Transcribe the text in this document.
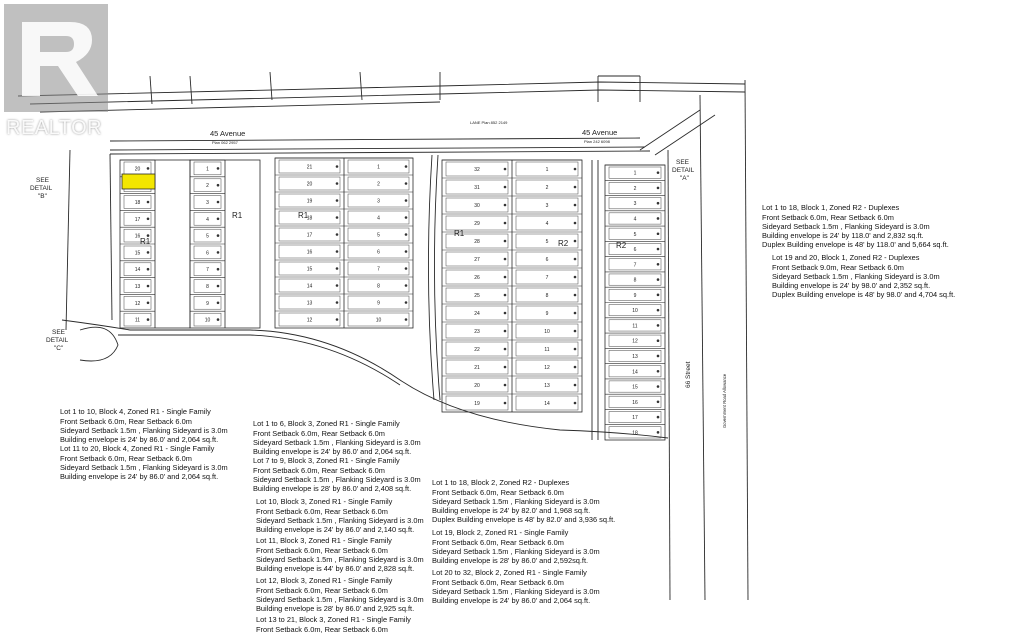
20
18
17
16
15
14
13
12
11
1
2
3
4
5
6
7
8
9
10
21
20
19
18
17
16
15
14
13
12
1
2
3
4
5
6
7
8
9
10
32
31
30
29
28
27
26
25
24
23
22
21
20
19
1
2
3
4
5
6
7
8
9
10
11
12
13
14
1
2
3
4
5
6
7
8
9
10
11
12
13
14
15
16
17
18
45 Avenue
Plan 062 2957
45 Avenue
Plan 242 6098
LANE Plan 852 2149
66 Street	Government Road Allowance
SEE DETAIL "A"
SEE DETAIL "B"
SEE DETAIL "C"
R1
R1	R1
R1
R2	R2
REALTOR

Lot 1 to 18, Block 1, Zoned R2 - Duplexes
Front Setback 6.0m, Rear Setback 6.0m
Sideyard Setback 1.5m , Flanking Sideyard is 3.0m
Building envelope is 24' by 118.0' and 2,832 sq.ft.
Duplex Building envelope is 48' by 118.0' and 5,664 sq.ft.

Lot 19 and 20, Block 1, Zoned R2 - Duplexes
Front Setback 9.0m, Rear Setback 6.0m
Sideyard Setback 1.5m , Flanking Sideyard is 3.0m
Building envelope is 24' by 98.0' and 2,352 sq.ft.
Duplex Building envelope is 48' by 98.0' and 4,704 sq.ft.

Lot 1 to 10, Block 4, Zoned R1 - Single Family
Front Setback 6.0m, Rear Setback 6.0m
Sideyard Setback 1.5m , Flanking Sideyard is 3.0m
Building envelope is 24' by 86.0' and 2,064 sq.ft.

Lot 11 to 20, Block 4, Zoned R1 - Single Family
Front Setback 6.0m, Rear Setback 6.0m
Sideyard Setback 1.5m , Flanking Sideyard is 3.0m
Building envelope is 24' by 86.0' and 2,064 sq.ft.

Lot 1 to 6, Block 3, Zoned R1 - Single Family
Front Setback 6.0m, Rear Setback 6.0m
Sideyard Setback 1.5m , Flanking Sideyard is 3.0m
Building envelope is 24' by 86.0' and 2,064 sq.ft.

Lot 7 to 9, Block 3, Zoned R1 - Single Family
Front Setback 6.0m, Rear Setback 6.0m
Sideyard Setback 1.5m , Flanking Sideyard is 3.0m
Building envelope is 28' by 86.0' and 2,408 sq.ft.

Lot 10, Block 3, Zoned R1 - Single Family
Front Setback 6.0m, Rear Setback 6.0m
Sideyard Setback 1.5m , Flanking Sideyard is 3.0m
Building envelope is 24' by 86.0' and 2,140 sq.ft.

Lot 11, Block 3, Zoned R1 - Single Family
Front Setback 6.0m, Rear Setback 6.0m
Sideyard Setback 1.5m , Flanking Sideyard is 3.0m
Building envelope is 44' by 86.0' and 2,828 sq.ft.

Lot 12, Block 3, Zoned R1 - Single Family
Front Setback 6.0m, Rear Setback 6.0m
Sideyard Setback 1.5m , Flanking Sideyard is 3.0m
Building envelope is 28' by 86.0' and 2,925 sq.ft.

Lot 13 to 21, Block 3, Zoned R1 - Single Family
Front Setback 6.0m, Rear Setback 6.0m

Lot 1 to 18, Block 2, Zoned R2 - Duplexes
Front Setback 6.0m, Rear Setback 6.0m
Sideyard Setback 1.5m , Flanking Sideyard is 3.0m
Building envelope is 24' by 82.0' and 1,968 sq.ft.
Duplex Building envelope is 48' by 82.0' and 3,936 sq.ft.

Lot 19, Block 2, Zoned R1 - Single Family
Front Setback 6.0m, Rear Setback 6.0m
Sideyard Setback 1.5m , Flanking Sideyard is 3.0m
Building envelope is 28' by 86.0' and 2,592sq.ft.

Lot 20 to 32, Block 2, Zoned R1 - Single Family
Front Setback 6.0m, Rear Setback 6.0m
Sideyard Setback 1.5m , Flanking Sideyard is 3.0m
Building envelope is 24' by 86.0' and 2,064 sq.ft.
